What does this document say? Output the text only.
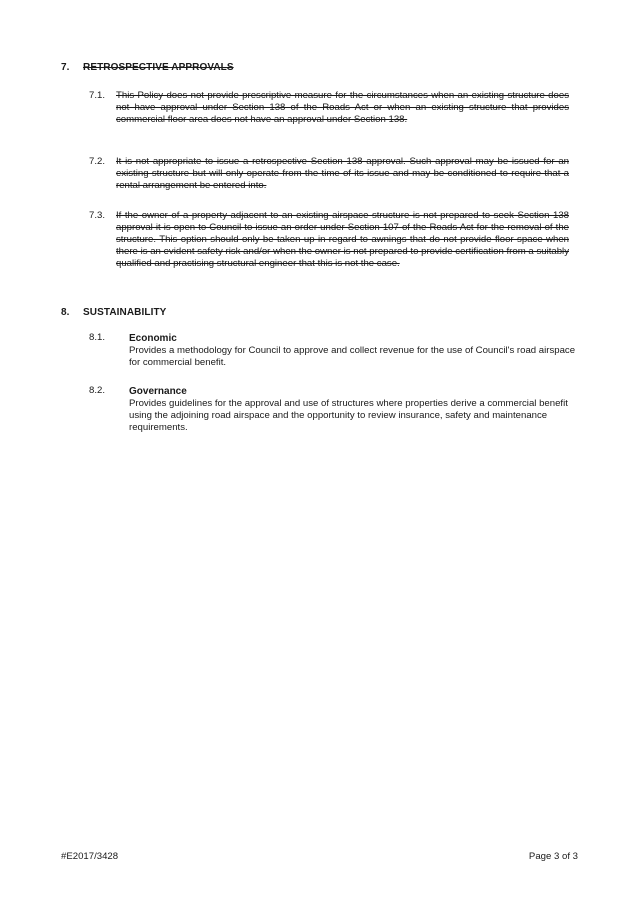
7. RETROSPECTIVE APPROVALS
7.1.	This Policy does not provide prescriptive measure for the circumstances when an existing structure does not have approval under Section 138 of the Roads Act or when an existing structure that provides commercial floor area does not have an approval under Section 138.
7.2.	It is not appropriate to issue a retrospective Section 138 approval. Such approval may be issued for an existing structure but will only operate from the time of its issue and may be conditioned to require that a rental arrangement be entered into.
7.3.	If the owner of a property adjacent to an existing airspace structure is not prepared to seek Section 138 approval it is open to Council to issue an order under Section 107 of the Roads Act for the removal of the structure. This option should only be taken up in regard to awnings that do not provide floor space when there is an evident safety risk and/or when the owner is not prepared to provide certification from a suitably qualified and practising structural engineer that this is not the case.
8. SUSTAINABILITY
8.1. Economic
Provides a methodology for Council to approve and collect revenue for the use of Council's road airspace for commercial benefit.
8.2. Governance
Provides guidelines for the approval and use of structures where properties derive a commercial benefit using the adjoining road airspace and the opportunity to review insurance, safety and maintenance requirements.
#E2017/3428	Page 3 of 3
